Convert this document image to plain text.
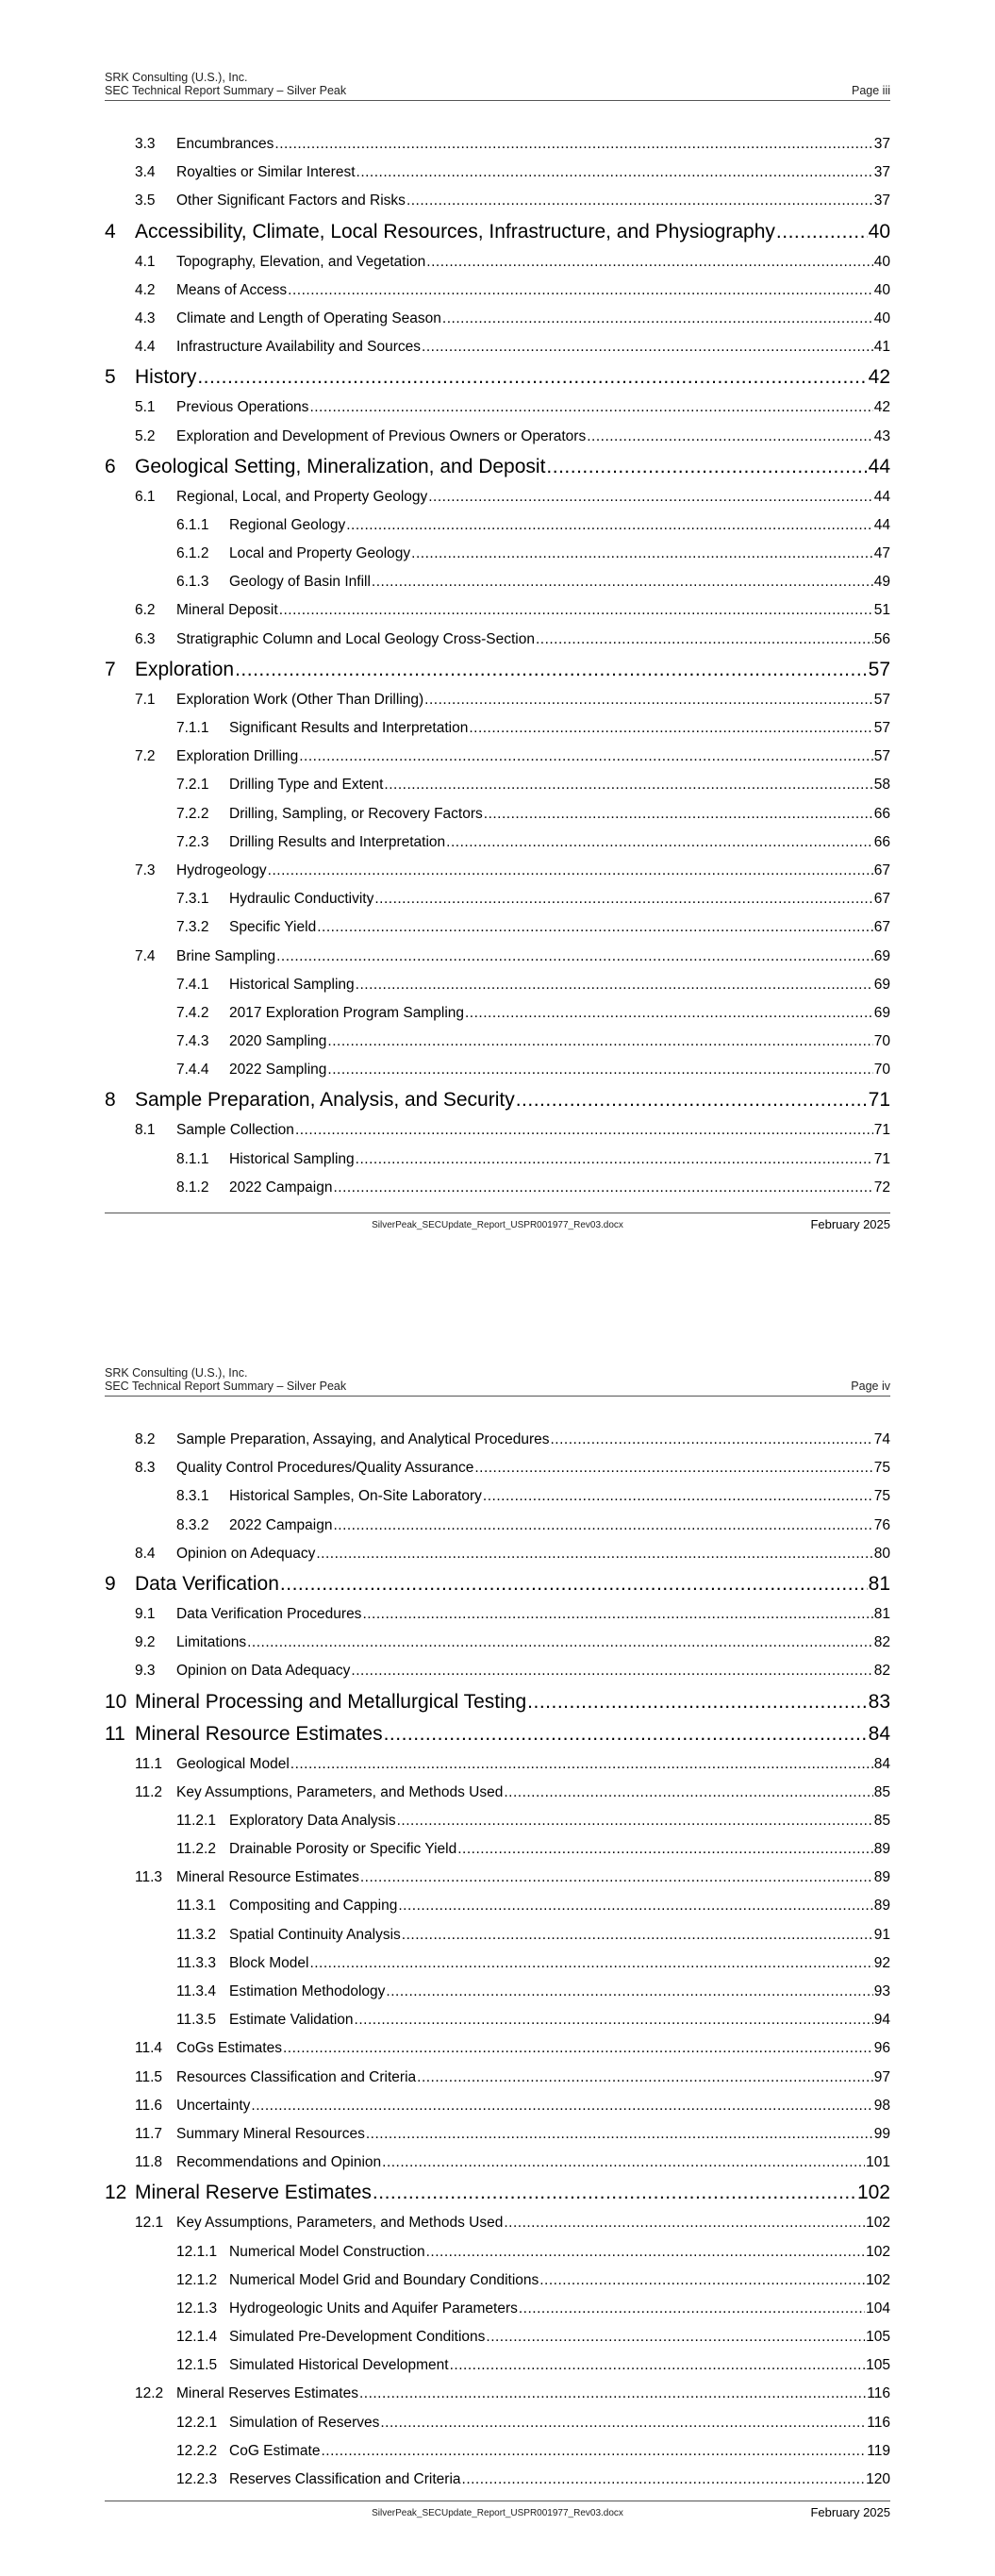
SRK Consulting (U.S.), Inc.
SEC Technical Report Summary – Silver Peak	Page iii
3.3	Encumbrances .....	37
3.4	Royalties or Similar Interest .....	37
3.5	Other Significant Factors and Risks .....	37
4 Accessibility, Climate, Local Resources, Infrastructure, and Physiography .....	40
4.1	Topography, Elevation, and Vegetation .....	40
4.2	Means of Access .....	40
4.3	Climate and Length of Operating Season .....	40
4.4	Infrastructure Availability and Sources .....	41
5 History .....	42
5.1	Previous Operations .....	42
5.2	Exploration and Development of Previous Owners or Operators .....	43
6 Geological Setting, Mineralization, and Deposit .....	44
6.1	Regional, Local, and Property Geology .....	44
6.1.1	Regional Geology .....	44
6.1.2	Local and Property Geology .....	47
6.1.3	Geology of Basin Infill .....	49
6.2	Mineral Deposit .....	51
6.3	Stratigraphic Column and Local Geology Cross-Section .....	56
7 Exploration .....	57
7.1	Exploration Work (Other Than Drilling) .....	57
7.1.1	Significant Results and Interpretation .....	57
7.2	Exploration Drilling .....	57
7.2.1	Drilling Type and Extent .....	58
7.2.2	Drilling, Sampling, or Recovery Factors .....	66
7.2.3	Drilling Results and Interpretation .....	66
7.3	Hydrogeology .....	67
7.3.1	Hydraulic Conductivity .....	67
7.3.2	Specific Yield .....	67
7.4	Brine Sampling .....	69
7.4.1	Historical Sampling .....	69
7.4.2	2017 Exploration Program Sampling .....	69
7.4.3	2020 Sampling .....	70
7.4.4	2022 Sampling .....	70
8 Sample Preparation, Analysis, and Security .....	71
8.1	Sample Collection .....	71
8.1.1	Historical Sampling .....	71
8.1.2	2022 Campaign .....	72
SilverPeak_SECUpdate_Report_USPR001977_Rev03.docx	February 2025
SRK Consulting (U.S.), Inc.
SEC Technical Report Summary – Silver Peak	Page iv
8.2	Sample Preparation, Assaying, and Analytical Procedures .....	74
8.3	Quality Control Procedures/Quality Assurance .....	75
8.3.1	Historical Samples, On-Site Laboratory .....	75
8.3.2	2022 Campaign .....	76
8.4	Opinion on Adequacy .....	80
9 Data Verification .....	81
9.1	Data Verification Procedures .....	81
9.2	Limitations .....	82
9.3	Opinion on Data Adequacy .....	82
10 Mineral Processing and Metallurgical Testing .....	83
11 Mineral Resource Estimates .....	84
11.1 Geological Model .....	84
11.2 Key Assumptions, Parameters, and Methods Used .....	85
11.2.1 Exploratory Data Analysis .....	85
11.2.2 Drainable Porosity or Specific Yield .....	89
11.3 Mineral Resource Estimates .....	89
11.3.1 Compositing and Capping .....	89
11.3.2 Spatial Continuity Analysis .....	91
11.3.3 Block Model .....	92
11.3.4 Estimation Methodology .....	93
11.3.5 Estimate Validation .....	94
11.4 CoGs Estimates .....	96
11.5 Resources Classification and Criteria .....	97
11.6 Uncertainty .....	98
11.7 Summary Mineral Resources .....	99
11.8 Recommendations and Opinion .....	101
12 Mineral Reserve Estimates .....	102
12.1 Key Assumptions, Parameters, and Methods Used .....	102
12.1.1 Numerical Model Construction .....	102
12.1.2 Numerical Model Grid and Boundary Conditions .....	102
12.1.3 Hydrogeologic Units and Aquifer Parameters .....	104
12.1.4 Simulated Pre-Development Conditions .....	105
12.1.5 Simulated Historical Development .....	105
12.2 Mineral Reserves Estimates .....	116
12.2.1 Simulation of Reserves .....	116
12.2.2 CoG Estimate .....	119
12.2.3 Reserves Classification and Criteria .....	120
SilverPeak_SECUpdate_Report_USPR001977_Rev03.docx	February 2025
